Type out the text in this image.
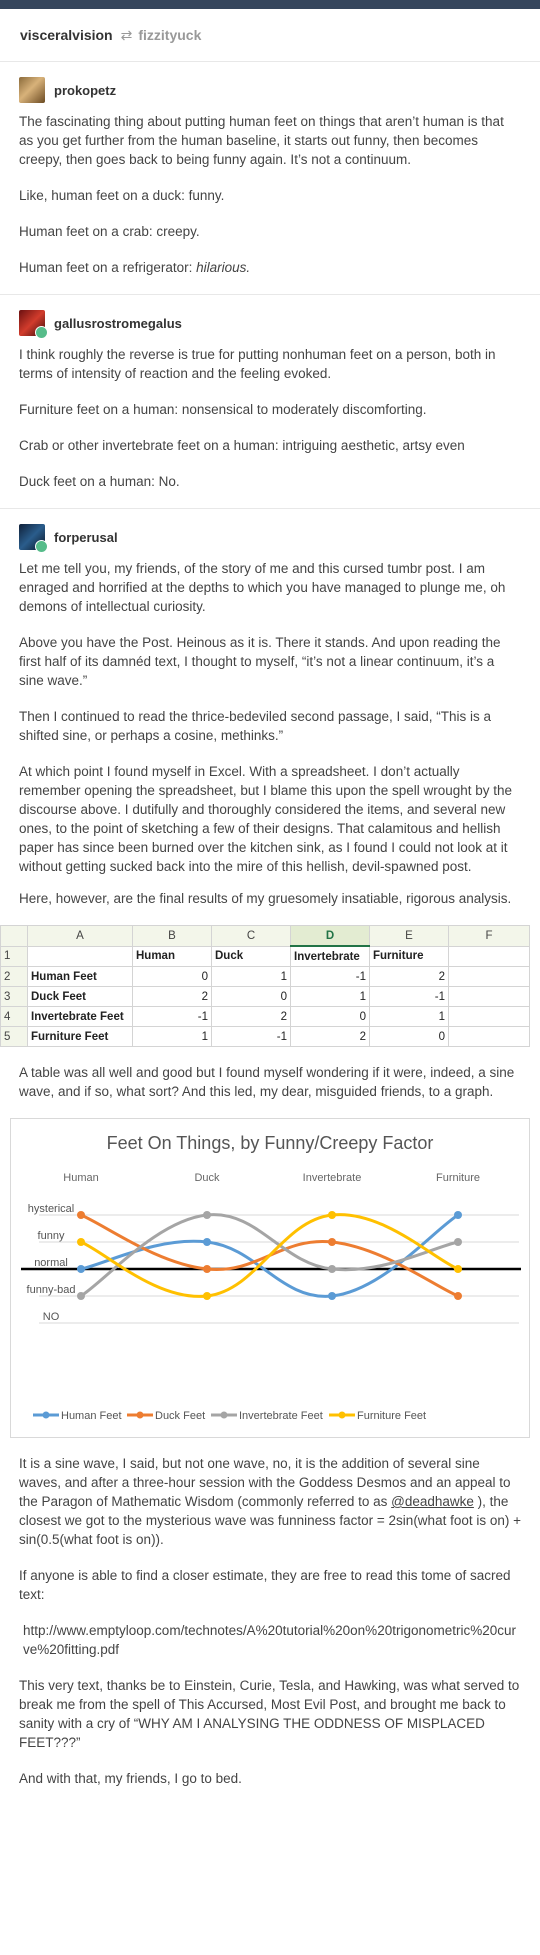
visceralvision ⇄ fizzityuck
prokopetz

The fascinating thing about putting human feet on things that aren’t human is that as you get further from the human baseline, it starts out funny, then becomes creepy, then goes back to being funny again. It’s not a continuum.

Like, human feet on a duck: funny.

Human feet on a crab: creepy.

Human feet on a refrigerator: hilarious.

gallusrostromegalus

I think roughly the reverse is true for putting nonhuman feet on a person, both in terms of intensity of reaction and the feeling evoked.

Furniture feet on a human: nonsensical to moderately discomforting.

Crab or other invertebrate feet on a human: intriguing aesthetic, artsy even

Duck feet on a human: No.

forperusal

Let me tell you, my friends, of the story of me and this cursed tumbr post. I am enraged and horrified at the depths to which you have managed to plunge me, oh demons of intellectual curiosity.

Above you have the Post. Heinous as it is. There it stands. And upon reading the first half of its damnéd text, I thought to myself, “it’s not a linear continuum, it’s a sine wave.”

Then I continued to read the thrice-bedeviled second passage, I said, “This is a shifted sine, or perhaps a cosine, methinks.”

At which point I found myself in Excel. With a spreadsheet. I don’t actually remember opening the spreadsheet, but I blame this upon the spell wrought by the discourse above. I dutifully and thoroughly considered the items, and several new ones, to the point of sketching a few of their designs. That calamitous and hellish paper has since been burned over the kitchen sink, as I found I could not look at it without getting sucked back into the mire of this hellish, devil-spawned post.

Here, however, are the final results of my gruesomely insatiable, rigorous analysis.

	A	B	C	D	E	F
1		Human	Duck	Invertebrate	Furniture	
2	Human Feet	0	1	-1	2	
3	Duck Feet	2	0	1	-1	
4	Invertebrate Feet	-1	2	0	1	
5	Furniture Feet	1	-1	2	0	

A table was all well and good but I found myself wondering if it were, indeed, a sine wave, and if so, what sort? And this led, my dear, misguided friends, to a graph.

Feet On Things, by Funny/Creepy Factor
Human	Duck	Invertebrate	Furniture
hysterical
funny
normal
funny-bad
NO
Human Feet	Duck Feet	Invertebrate Feet	Furniture Feet

It is a sine wave, I said, but not one wave, no, it is the addition of several sine waves, and after a three-hour session with the Goddess Desmos and an appeal to the Paragon of Mathematic Wisdom (commonly referred to as @deadhawke ), the closest we got to the mysterious wave was funniness factor = 2sin(what foot is on) + sin(0.5(what foot is on)).

If anyone is able to find a closer estimate, they are free to read this tome of sacred text:

http://www.emptyloop.com/technotes/A%20tutorial%20on%20trigonometric%20curve%20fitting.pdf

This very text, thanks be to Einstein, Curie, Tesla, and Hawking, was what served to break me from the spell of This Accursed, Most Evil Post, and brought me back to sanity with a cry of “WHY AM I ANALYSING THE ODDNESS OF MISPLACED FEET???”

And with that, my friends, I go to bed.
